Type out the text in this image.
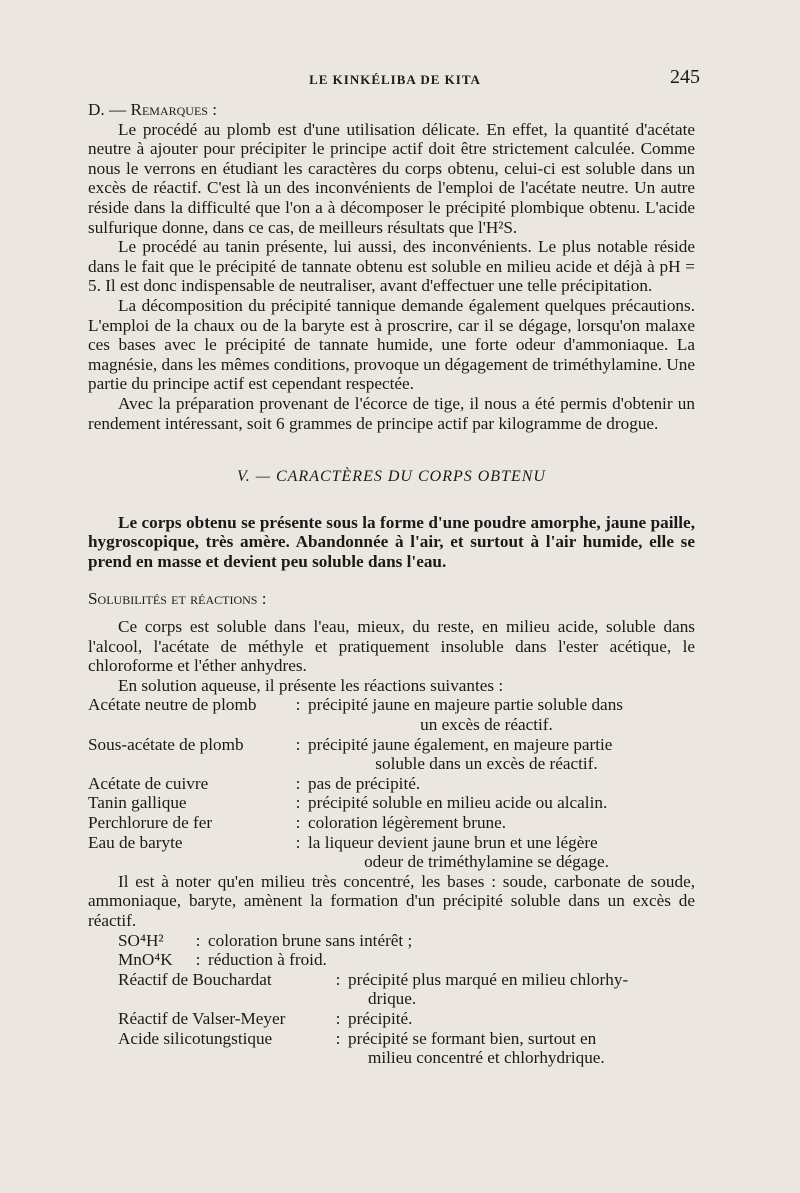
LE KINKÉLIBA DE KITA	245
D. — Remarques :

Le procédé au plomb est d'une utilisation délicate. En effet, la quantité d'acétate neutre à ajouter pour précipiter le principe actif doit être strictement calculée. Comme nous le verrons en étudiant les caractères du corps obtenu, celui-ci est soluble dans un excès de réactif. C'est là un des inconvénients de l'emploi de l'acétate neutre. Un autre réside dans la difficulté que l'on a à décomposer le précipité plombique obtenu. L'acide sulfurique donne, dans ce cas, de meilleurs résultats que l'H²S.

Le procédé au tanin présente, lui aussi, des inconvénients. Le plus notable réside dans le fait que le précipité de tannate obtenu est soluble en milieu acide et déjà à pH = 5. Il est donc indispensable de neutraliser, avant d'effectuer une telle précipitation.

La décomposition du précipité tannique demande également quelques précautions. L'emploi de la chaux ou de la baryte est à proscrire, car il se dégage, lorsqu'on malaxe ces bases avec le précipité de tannate humide, une forte odeur d'ammoniaque. La magnésie, dans les mêmes conditions, provoque un dégagement de triméthylamine. Une partie du principe actif est cependant respectée.

Avec la préparation provenant de l'écorce de tige, il nous a été permis d'obtenir un rendement intéressant, soit 6 grammes de principe actif par kilogramme de drogue.

V. — CARACTÈRES DU CORPS OBTENU

Le corps obtenu se présente sous la forme d'une poudre amorphe, jaune paille, hygroscopique, très amère. Abandonnée à l'air, et surtout à l'air humide, elle se prend en masse et devient peu soluble dans l'eau.

Solubilités et réactions :

Ce corps est soluble dans l'eau, mieux, du reste, en milieu acide, soluble dans l'alcool, l'acétate de méthyle et pratiquement insoluble dans l'ester acétique, le chloroforme et l'éther anhydres.

En solution aqueuse, il présente les réactions suivantes :

Acétate neutre de plomb	: précipité jaune en majeure partie soluble dans
un excès de réactif.
Sous-acétate de plomb	: précipité jaune également, en majeure partie
soluble dans un excès de réactif.
Acétate de cuivre	: pas de précipité.
Tanin gallique	: précipité soluble en milieu acide ou alcalin.
Perchlorure de fer	: coloration légèrement brune.
Eau de baryte	: la liqueur devient jaune brun et une légère
odeur de triméthylamine se dégage.

Il est à noter qu'en milieu très concentré, les bases : soude, carbonate de soude, ammoniaque, baryte, amènent la formation d'un précipité soluble dans un excès de réactif.

SO⁴H²	: coloration brune sans intérêt ;
MnO⁴K	: réduction à froid.
Réactif de Bouchardat	: précipité plus marqué en milieu chlorhy-
drique.
Réactif de Valser-Meyer	: précipité.
Acide silicotungstique	: précipité se formant bien, surtout en
milieu concentré et chlorhydrique.
